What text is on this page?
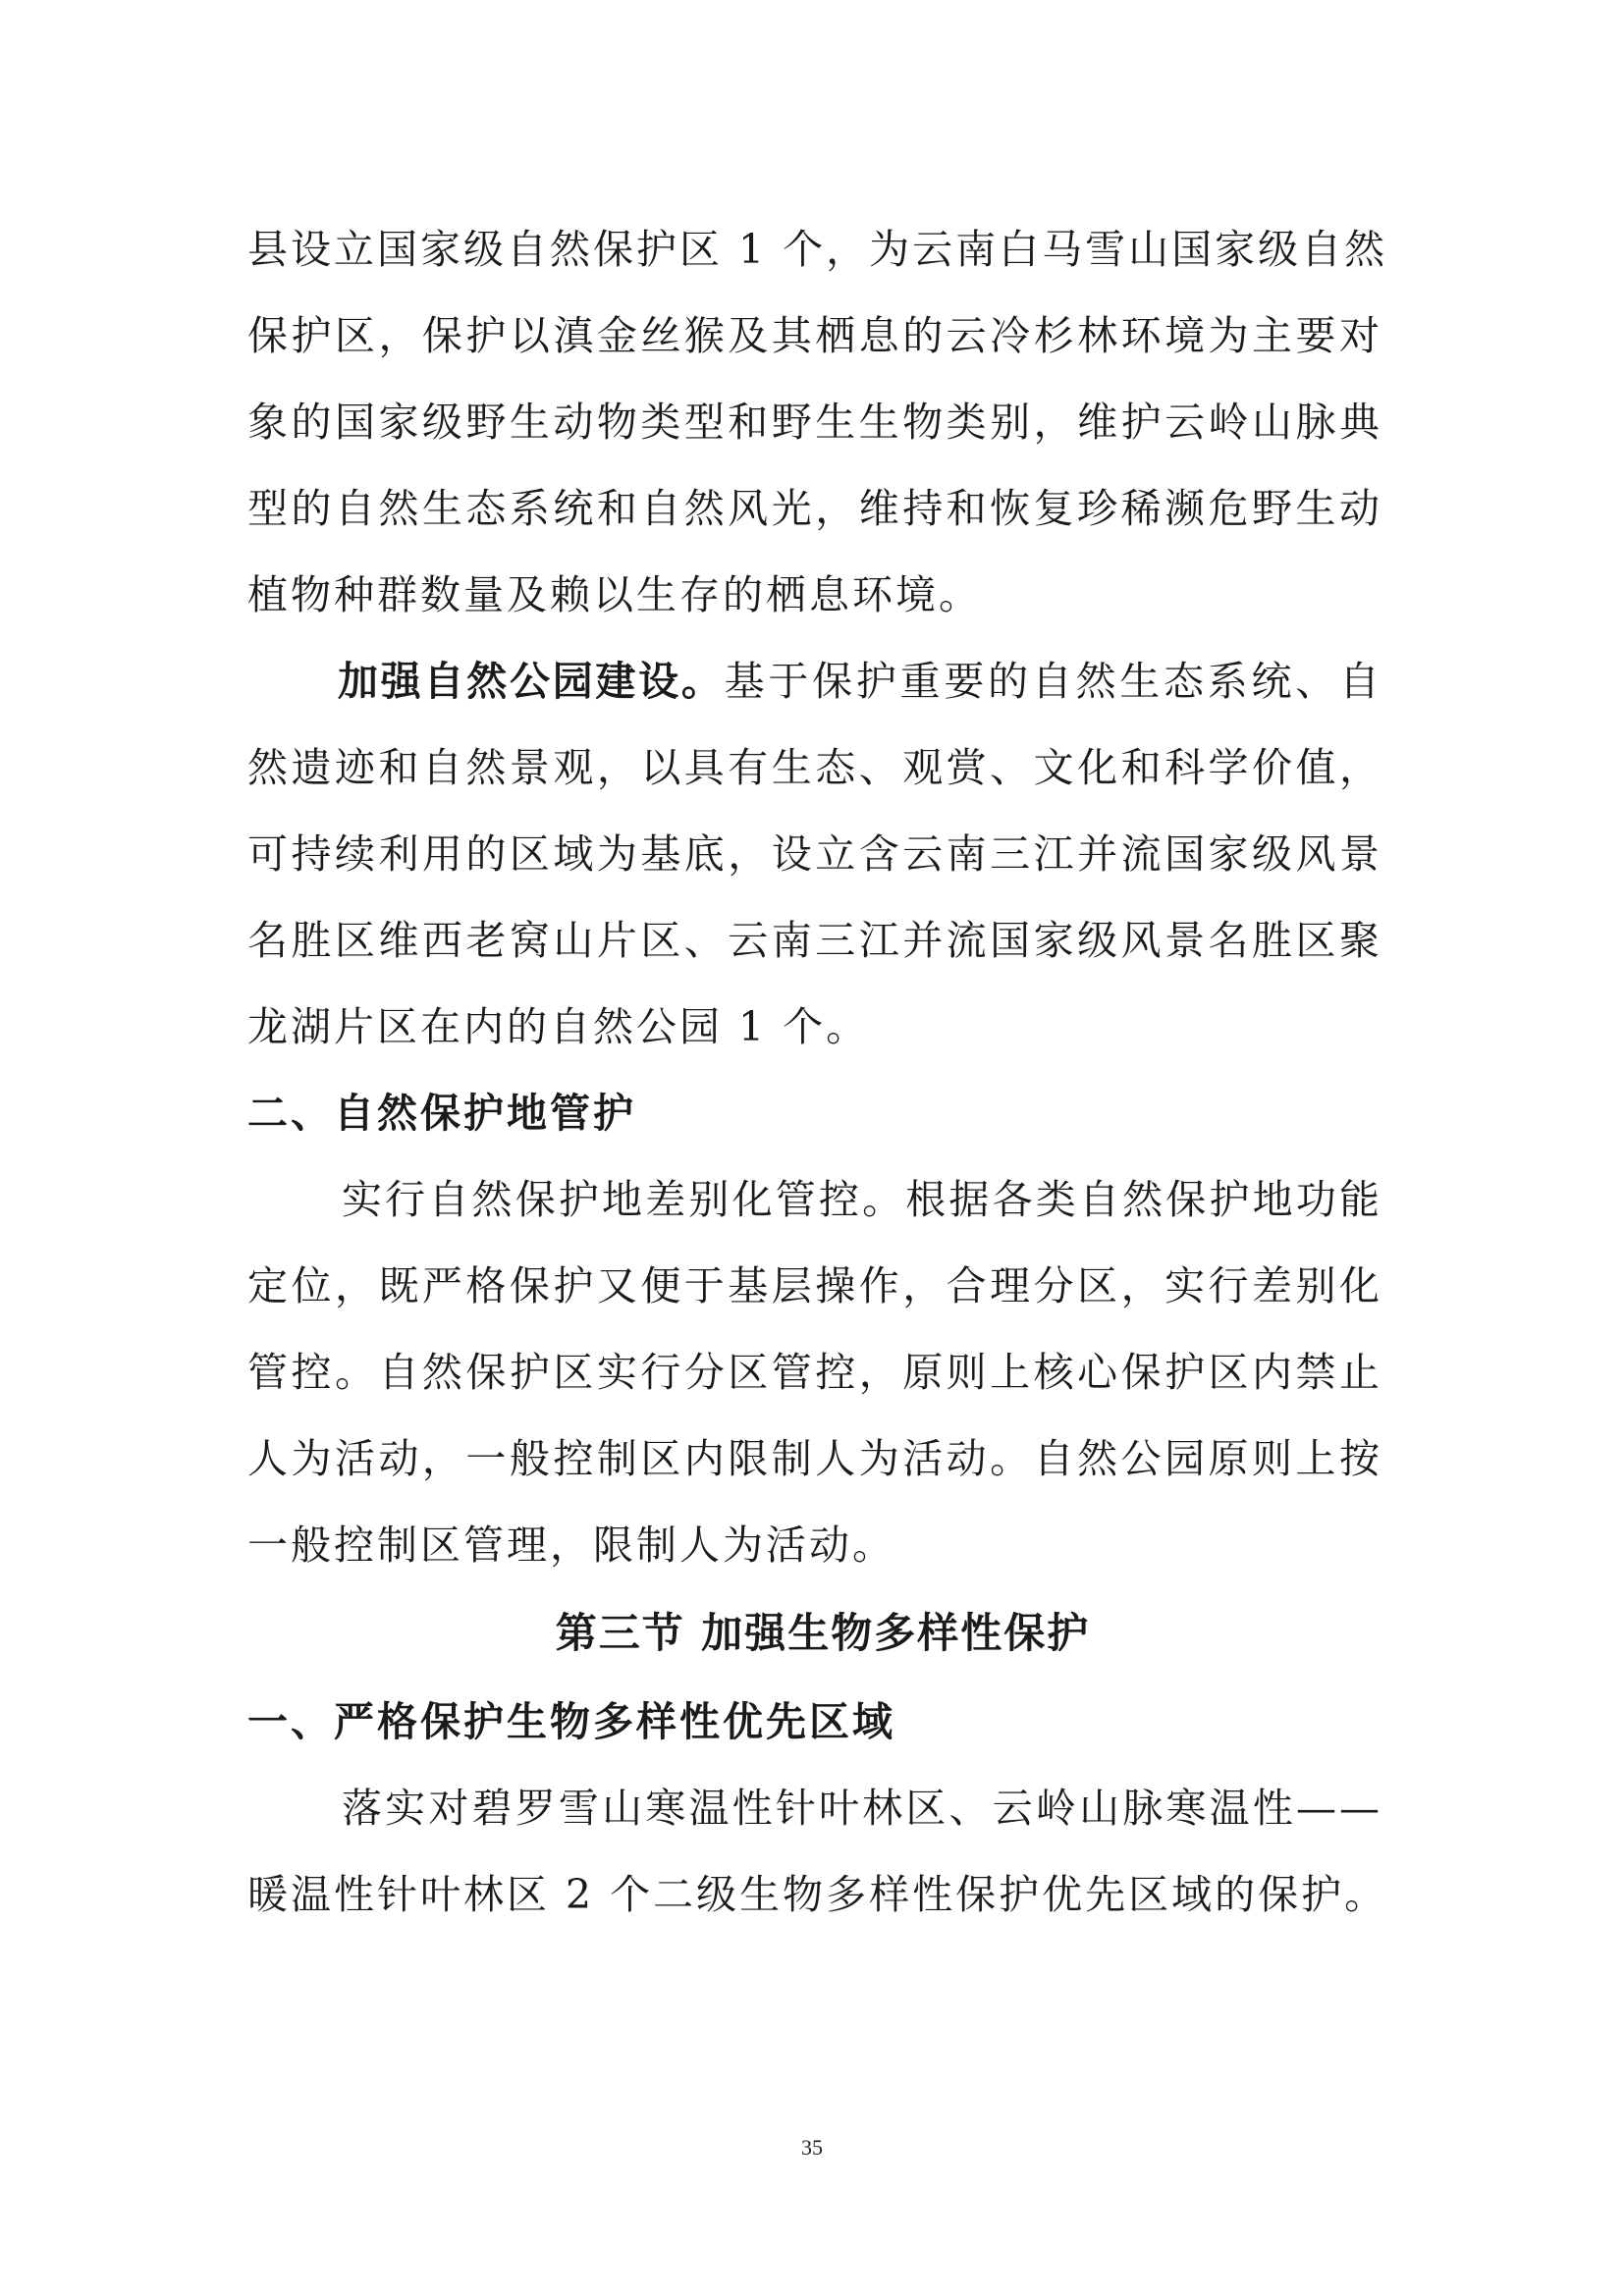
县设立国家级自然保护区 1 个，为云南白马雪山国家级自然
保护区，保护以滇金丝猴及其栖息的云冷杉林环境为主要对
象的国家级野生动物类型和野生生物类别，维护云岭山脉典
型的自然生态系统和自然风光，维持和恢复珍稀濒危野生动
植物种群数量及赖以生存的栖息环境。
加强自然公园建设。基于保护重要的自然生态系统、自
然遗迹和自然景观，以具有生态、观赏、文化和科学价值，
可持续利用的区域为基底，设立含云南三江并流国家级风景
名胜区维西老窝山片区、云南三江并流国家级风景名胜区聚
龙湖片区在内的自然公园 1 个。
二、自然保护地管护
实行自然保护地差别化管控。根据各类自然保护地功能
定位，既严格保护又便于基层操作，合理分区，实行差别化
管控。自然保护区实行分区管控，原则上核心保护区内禁止
人为活动，一般控制区内限制人为活动。自然公园原则上按
一般控制区管理，限制人为活动。
第三节 加强生物多样性保护
一、严格保护生物多样性优先区域
落实对碧罗雪山寒温性针叶林区、云岭山脉寒温性——
暖温性针叶林区 2 个二级生物多样性保护优先区域的保护。
35
